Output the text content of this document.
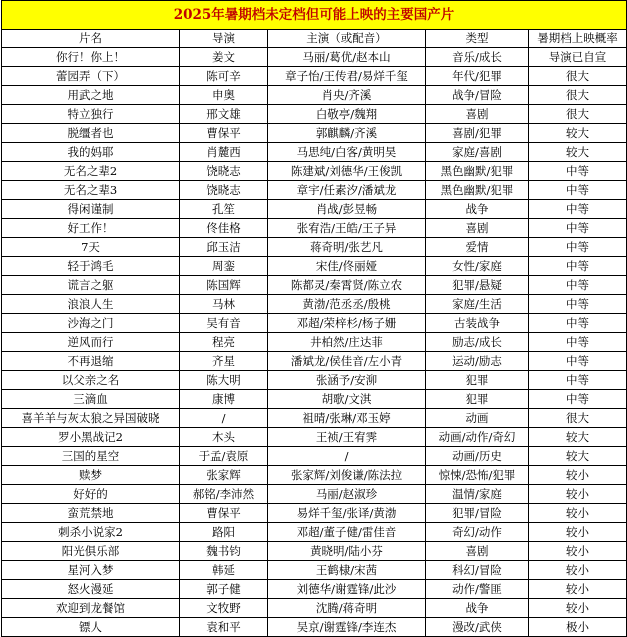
2025年暑期档未定档但可能上映的主要国产片				
片名	导演	主演（或配音）	类型	暑期档上映概率
你行！你上！	姜文	马丽/葛优/赵本山	音乐/成长	导演已自宣
蕾园弄（下）	陈可辛	章子怡/王传君/易烊千玺	年代/犯罪	很大
用武之地	申奥	肖央/齐溪	战争/冒险	很大
特立独行	邢文雄	白敬亭/魏翔	喜剧	很大
脱缰者也	曹保平	郭麒麟/齐溪	喜剧/犯罪	较大
我的妈耶	肖麓西	马思纯/白客/黄明昊	家庭/喜剧	较大
无名之辈2	饶晓志	陈建斌/刘德华/王俊凯	黑色幽默/犯罪	中等
无名之辈3	饶晓志	章宇/任素汐/潘斌龙	黑色幽默/犯罪	中等
得闲谨制	孔笙	肖战/彭昱畅	战争	中等
好工作！	佟佳格	张宥浩/王皓/王子异	喜剧	中等
7天	邱玉洁	蒋奇明/张艺凡	爱情	中等
轻于鸿毛	周銮	宋佳/佟丽娅	女性/家庭	中等
谎言之躯	陈国辉	陈都灵/秦霄贤/陈立农	犯罪/悬疑	中等
浪浪人生	马林	黄渤/范丞丞/殷桃	家庭/生活	中等
沙海之门	吴有音	邓超/荣梓杉/杨子姗	古装战争	中等
逆风而行	程亮	井柏然/庄达菲	励志/成长	中等
不再退缩	齐星	潘斌龙/侯佳音/左小青	运动/励志	中等
以父亲之名	陈大明	张涵予/安泖	犯罪	中等
三滴血	康博	胡歌/文淇	犯罪	中等
喜羊羊与灰太狼之异国破晓	/	祖晴/张琳/邓玉婷	动画	很大
罗小黑战记2	木头	王祯/王宥霁	动画/动作/奇幻	较大
三国的星空	于孟/袁原	/	动画/历史	较大
赎梦	张家辉	张家辉/刘俊谦/陈法拉	惊悚/恐怖/犯罪	较小
好好的	郝铭/李沛然	马丽/赵淑珍	温情/家庭	较小
蛮荒禁地	曹保平	易烊千玺/张译/黄渤	犯罪/冒险	较小
刺杀小说家2	路阳	邓超/董子健/雷佳音	奇幻/动作	较小
阳光俱乐部	魏书钧	黄晓明/陆小芬	喜剧	较小
星河入梦	韩延	王鹤棣/宋茜	科幻/冒险	较小
怒火漫延	郭子健	刘德华/谢霆锋/此沙	动作/警匪	较小
欢迎到龙餐馆	文牧野	沈腾/蒋奇明	战争	较小
镖人	袁和平	吴京/谢霆锋/李连杰	漫改/武侠	极小
